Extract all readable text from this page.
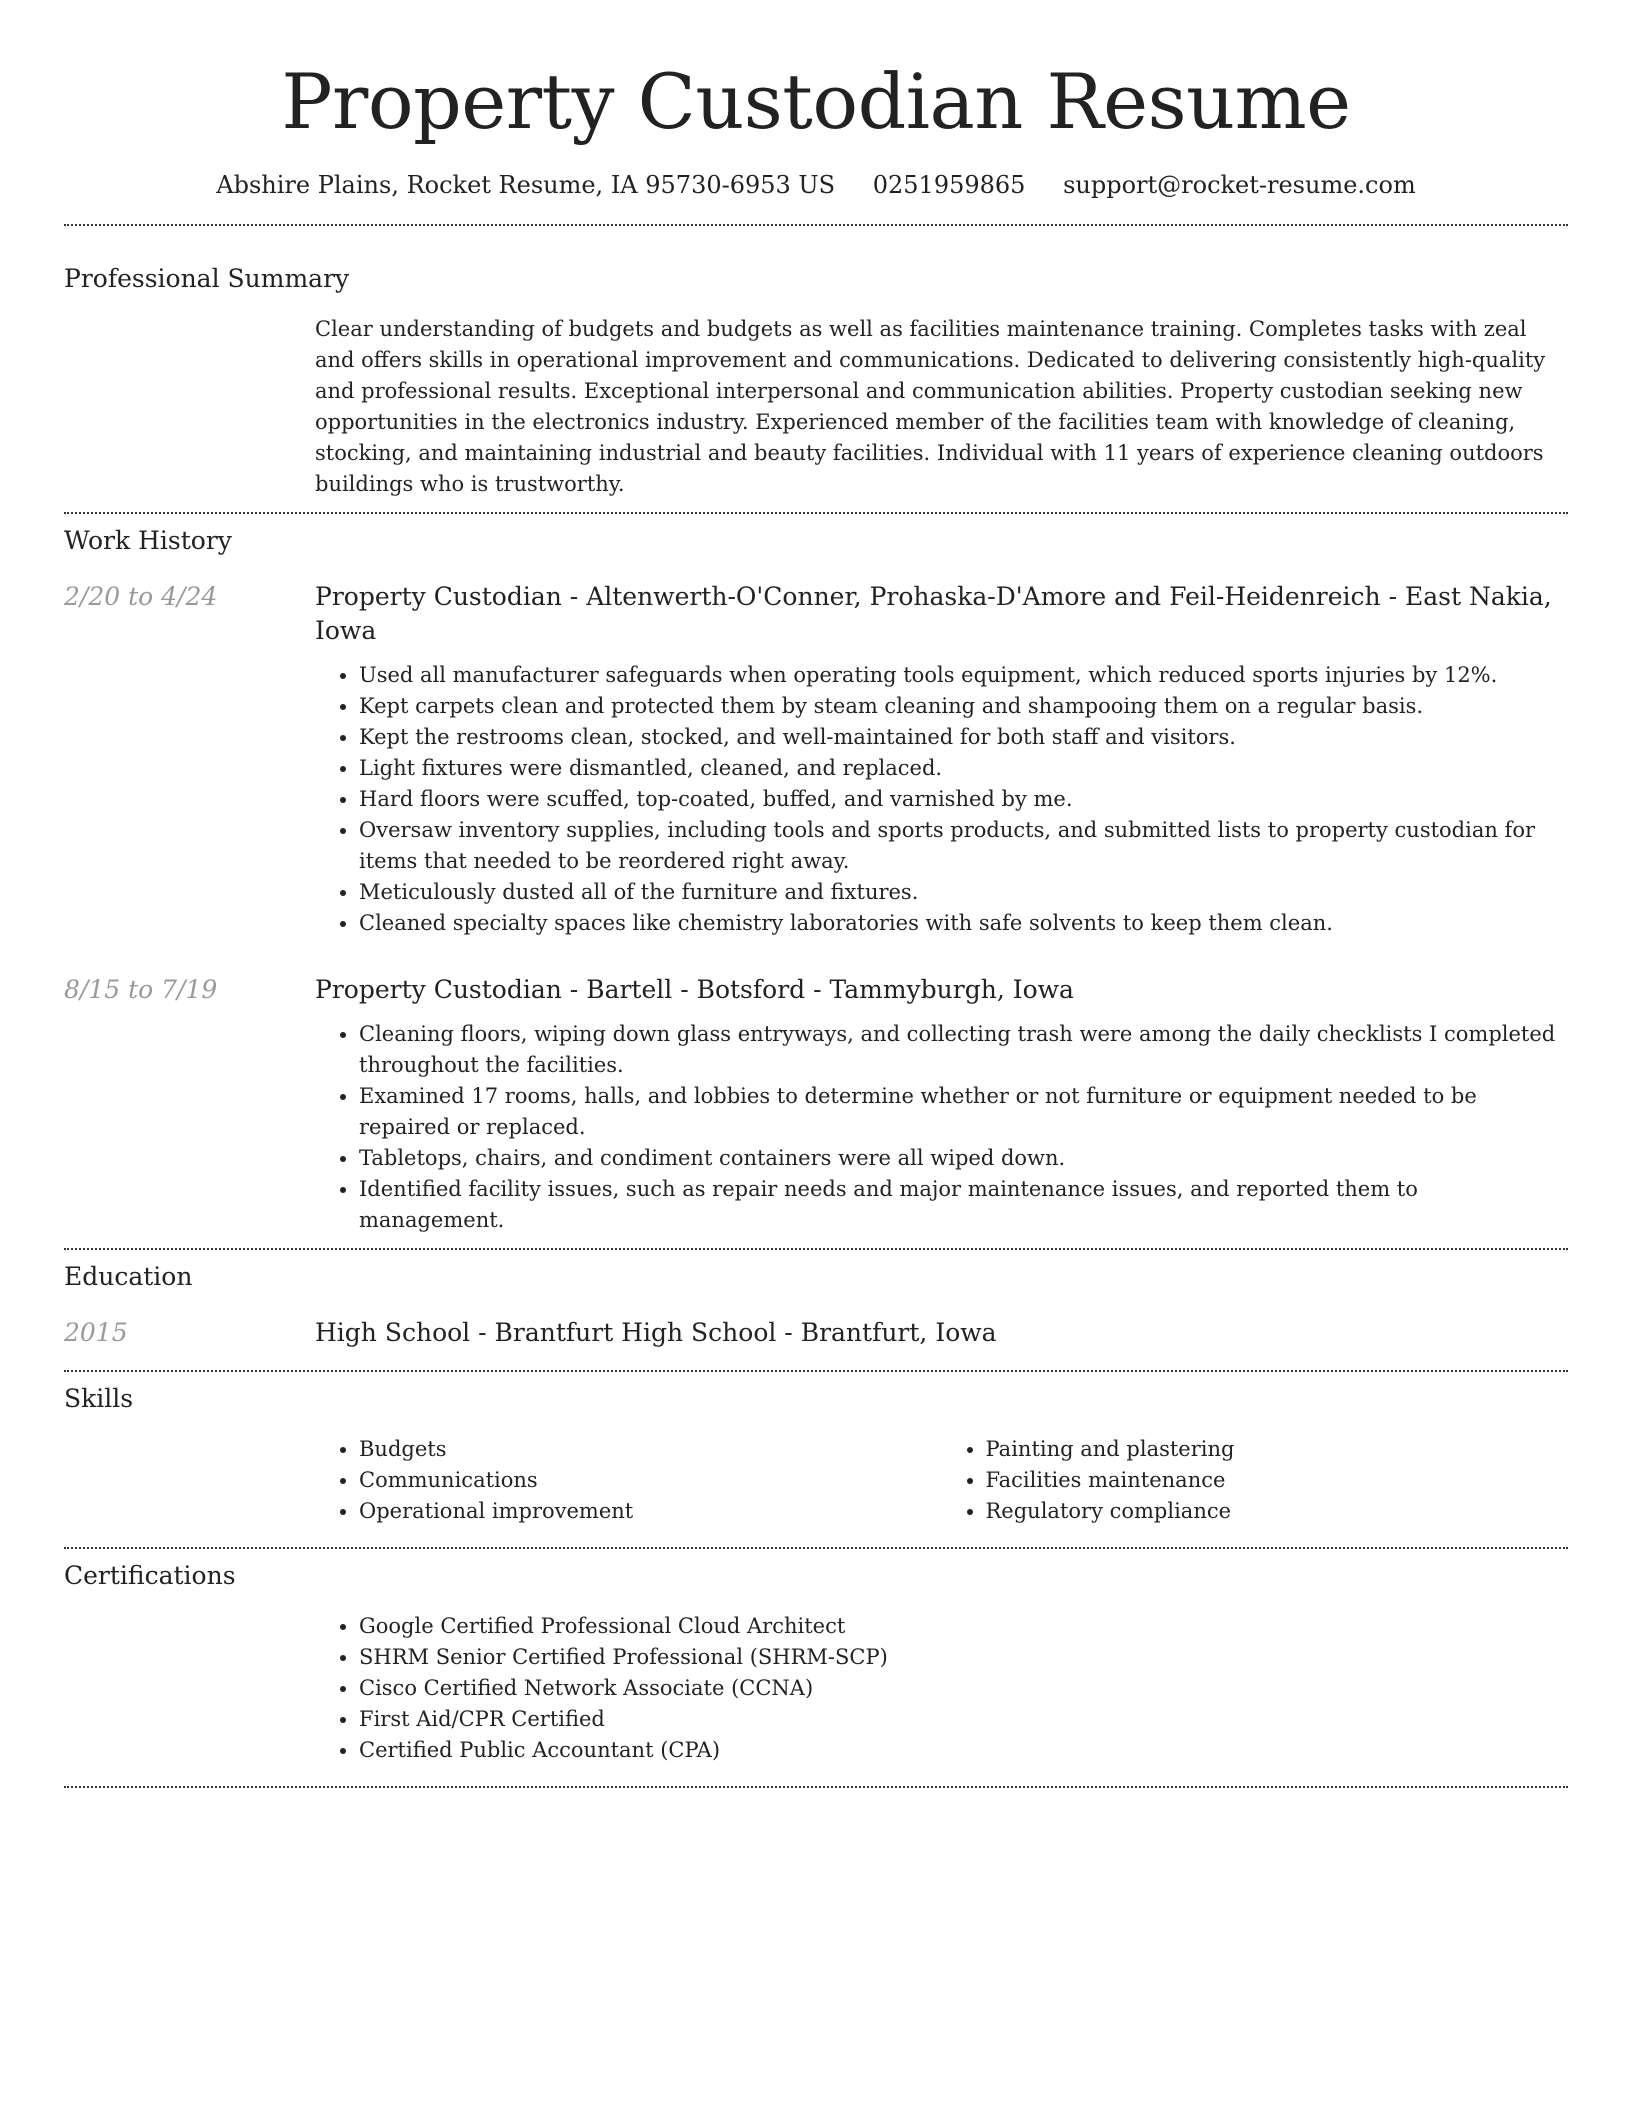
Property Custodian Resume
Abshire Plains, Rocket Resume, IA 95730-6953 US 0251959865 support@rocket-resume.com
Professional Summary

Clear understanding of budgets and budgets as well as facilities maintenance training. Completes tasks with zeal and offers skills in operational improvement and communications. Dedicated to delivering consistently high-quality and professional results. Exceptional interpersonal and communication abilities. Property custodian seeking new opportunities in the electronics industry. Experienced member of the facilities team with knowledge of cleaning, stocking, and maintaining industrial and beauty facilities. Individual with 11 years of experience cleaning outdoors buildings who is trustworthy.

Work History
2/20 to 4/24	Property Custodian - Altenwerth-O'Conner, Prohaska-D'Amore and Feil-Heidenreich - East Nakia, Iowa
• Used all manufacturer safeguards when operating tools equipment, which reduced sports injuries by 12%.
• Kept carpets clean and protected them by steam cleaning and shampooing them on a regular basis.
• Kept the restrooms clean, stocked, and well-maintained for both staff and visitors.
• Light fixtures were dismantled, cleaned, and replaced.
• Hard floors were scuffed, top-coated, buffed, and varnished by me.
• Oversaw inventory supplies, including tools and sports products, and submitted lists to property custodian for items that needed to be reordered right away.
• Meticulously dusted all of the furniture and fixtures.
• Cleaned specialty spaces like chemistry laboratories with safe solvents to keep them clean.
8/15 to 7/19	Property Custodian - Bartell - Botsford - Tammyburgh, Iowa
• Cleaning floors, wiping down glass entryways, and collecting trash were among the daily checklists I completed throughout the facilities.
• Examined 17 rooms, halls, and lobbies to determine whether or not furniture or equipment needed to be repaired or replaced.
• Tabletops, chairs, and condiment containers were all wiped down.
• Identified facility issues, such as repair needs and major maintenance issues, and reported them to management.
Education
2015	High School - Brantfurt High School - Brantfurt, Iowa
Skills
• Budgets
• Communications
• Operational improvement
• Painting and plastering
• Facilities maintenance
• Regulatory compliance
Certifications
• Google Certified Professional Cloud Architect
• SHRM Senior Certified Professional (SHRM-SCP)
• Cisco Certified Network Associate (CCNA)
• First Aid/CPR Certified
• Certified Public Accountant (CPA)
